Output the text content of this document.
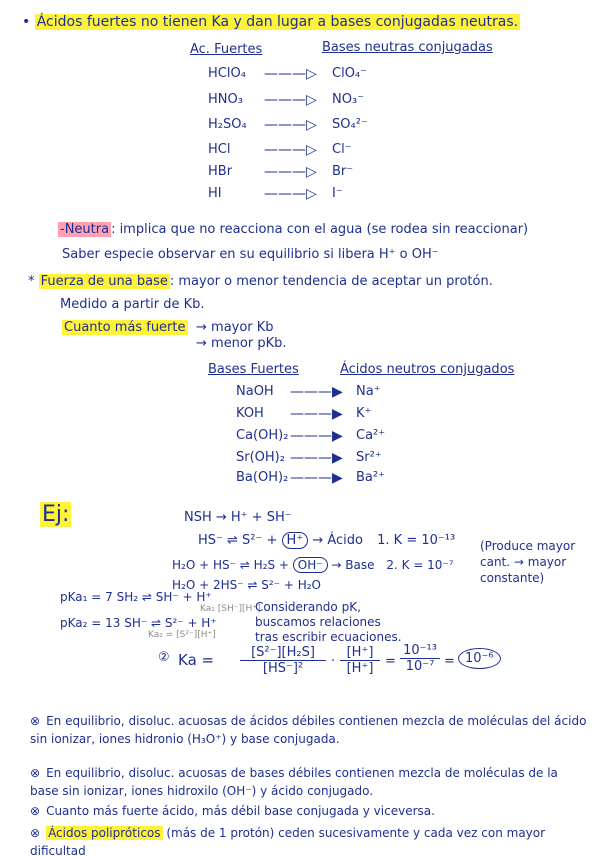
• Ácidos fuertes no tienen Ka y dan lugar a bases conjugadas neutras.
Ac. Fuertes	Bases neutras conjugadas
HClO₄ ———▷ ClO₄⁻
HNO₃ ———▷ NO₃⁻
H₂SO₄ ———▷ SO₄²⁻
HCl ———▷ Cl⁻
HBr ———▷ Br⁻
HI	———▷ I⁻
-Neutra : implica que no reacciona con el agua (se rodea sin reaccionar)
Saber especie observar en su equilibrio si libera H⁺ o OH⁻
* Fuerza de una base : mayor o menor tendencia de aceptar un protón.
Medido a partir de Kb.
Cuanto más fuerte → mayor Kb
→ menor pKb.
Bases Fuertes	Ácidos neutros conjugados
NaOH ———▶ Na⁺
KOH ———▶ K⁺
Ca(OH)₂ ———▶ Ca²⁺
Sr(OH)₂ ———▶ Sr²⁺
Ba(OH)₂ ———▶ Ba²⁺
Ej:	NSH → H⁺ + SH⁻
HS⁻ ⇌ S²⁻ + H⁺ → Ácido 1. K = 10⁻¹³
H₂O + HS⁻ ⇌ H₂S + OH⁻ → Base 2. K = 10⁻⁷
H₂O + 2HS⁻ ⇌ S²⁻ + H₂O
(Produce mayor cant. → mayor constante)
pKa₁ = 7 SH₂ ⇌ SH⁻ + H⁺
Ka₁ [SH⁻][H⁺]
pKa₂ = 13 SH⁻ ⇌ S²⁻ + H⁺
Ka₂ = [S²⁻][H⁺]
Considerando pK, buscamos relaciones tras escribir ecuaciones.
② $Ka = \frac{\text{[S²⁻][H₂S]}}{\text{[HS⁻]²}} \cdot \frac{[H^+]}{[H^+]} = \frac{\text{10⁻¹³}}{\text{10⁻⁷}} = 10^{-6}$
⊗ En equilibrio, disoluc. acuosas de ácidos débiles contienen mezcla de moléculas del ácido sin ionizar, iones hidronio (H₃O⁺) y base conjugada.
⊗ En equilibrio, disoluc. acuosas de bases débiles contienen mezcla de moléculas de la base sin ionizar, iones hidroxilo (OH⁻) y ácido conjugado.
⊗ Cuanto más fuerte ácido, más débil base conjugada y viceversa.
⊗ Ácidos polipróticos (más de 1 protón) ceden sucesivamente y cada vez con mayor dificultad
